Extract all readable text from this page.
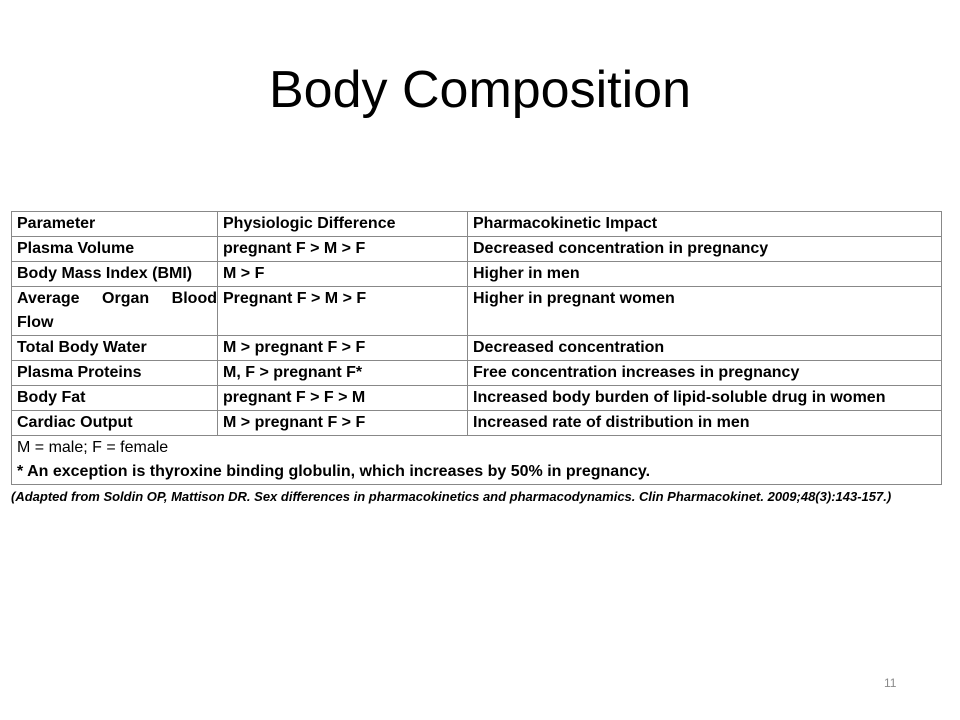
Body Composition
Parameter	Physiologic Difference	Pharmacokinetic Impact
Plasma Volume	pregnant F > M > F	Decreased concentration in pregnancy
Body Mass Index (BMI)	M > F	Higher in men
Average Organ Blood Flow	Pregnant F > M > F	Higher in pregnant women
Total Body Water	M > pregnant F > F	Decreased concentration
Plasma Proteins	M, F > pregnant F*	Free concentration increases in pregnancy
Body Fat	pregnant F > F > M	Increased body burden of lipid-soluble drug in women
Cardiac Output	M > pregnant F > F	Increased rate of distribution in men

M = male; F = female
* An exception is thyroxine binding globulin, which increases by 50% in pregnancy.		
(Adapted from Soldin OP, Mattison DR. Sex differences in pharmacokinetics and pharmacodynamics. Clin Pharmacokinet. 2009;48(3):143-157.)
11
